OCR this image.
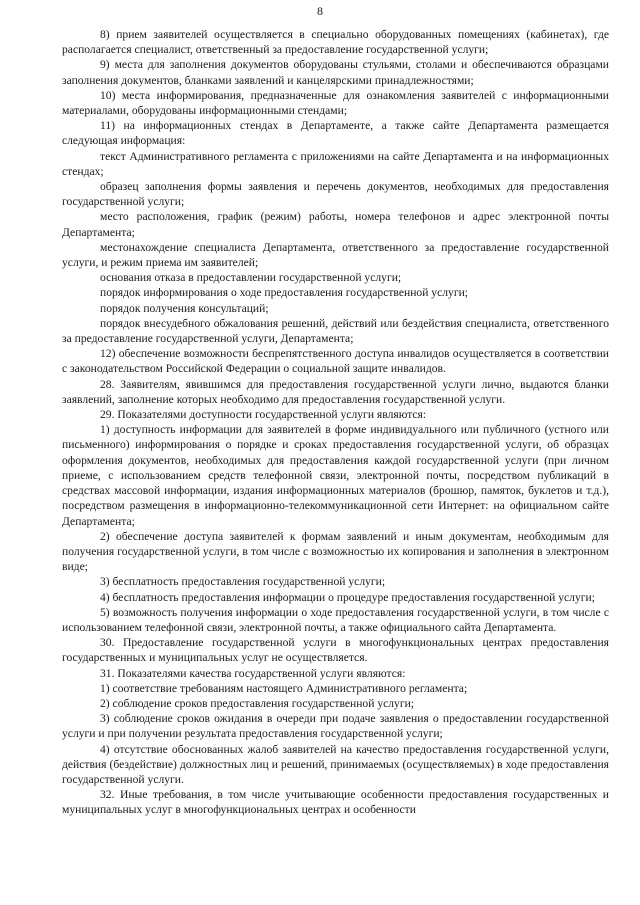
8

8) прием заявителей осуществляется в специально оборудованных помещениях (кабинетах), где располагается специалист, ответственный за предоставление государственной услуги;

9) места для заполнения документов оборудованы стульями, столами и обеспечиваются образцами заполнения документов, бланками заявлений и канцелярскими принадлежностями;

10) места информирования, предназначенные для ознакомления заявителей с информационными материалами, оборудованы информационными стендами;

11) на информационных стендах в Департаменте, а также сайте Департамента размещается следующая информация:

текст Административного регламента с приложениями на сайте Департамента и на информационных стендах;

образец заполнения формы заявления и перечень документов, необходимых для предоставления государственной услуги;

место расположения, график (режим) работы, номера телефонов и адрес электронной почты Департамента;

местонахождение специалиста Департамента, ответственного за предоставление государственной услуги, и режим приема им заявителей;

основания отказа в предоставлении государственной услуги;

порядок информирования о ходе предоставления государственной услуги;

порядок получения консультаций;

порядок внесудебного обжалования решений, действий или бездействия специалиста, ответственного за предоставление государственной услуги, Департамента;

12) обеспечение возможности беспрепятственного доступа инвалидов осуществляется в соответствии с законодательством Российской Федерации о социальной защите инвалидов.

28. Заявителям, явившимся для предоставления государственной услуги лично, выдаются бланки заявлений, заполнение которых необходимо для предоставления государственной услуги.

29. Показателями доступности государственной услуги являются:

1) доступность информации для заявителей в форме индивидуального или публичного (устного или письменного) информирования о порядке и сроках предоставления государственной услуги, об образцах оформления документов, необходимых для предоставления каждой государственной услуги (при личном приеме, с использованием средств телефонной связи, электронной почты, посредством публикаций в средствах массовой информации, издания информационных материалов (брошюр, памяток, буклетов и т.д.), посредством размещения в информационно-телекоммуникационной сети Интернет: на официальном сайте Департамента;

2) обеспечение доступа заявителей к формам заявлений и иным документам, необходимым для получения государственной услуги, в том числе с возможностью их копирования и заполнения в электронном виде;

3) бесплатность предоставления государственной услуги;

4) бесплатность предоставления информации о процедуре предоставления государственной услуги;

5) возможность получения информации о ходе предоставления государственной услуги, в том числе с использованием телефонной связи, электронной почты, а также официального сайта Департамента.

30. Предоставление государственной услуги в многофункциональных центрах предоставления государственных и муниципальных услуг не осуществляется.

31. Показателями качества государственной услуги являются:

1) соответствие требованиям настоящего Административного регламента;

2) соблюдение сроков предоставления государственной услуги;

3) соблюдение сроков ожидания в очереди при подаче заявления о предоставлении государственной услуги и при получении результата предоставления государственной услуги;

4) отсутствие обоснованных жалоб заявителей на качество предоставления государственной услуги, действия (бездействие) должностных лиц и решений, принимаемых (осуществляемых) в ходе предоставления государственной услуги.

32. Иные требования, в том числе учитывающие особенности предоставления государственных и муниципальных услуг в многофункциональных центрах и особенности
